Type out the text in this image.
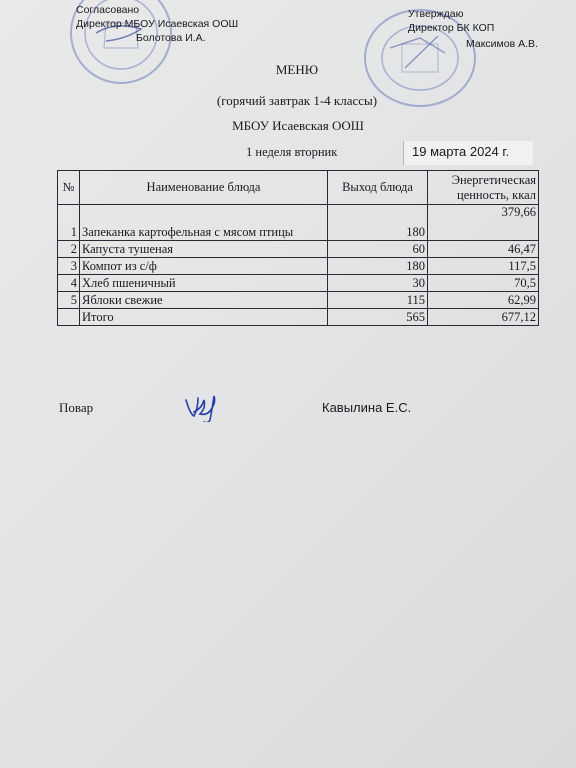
Согласовано
Директор МБОУ Исаевская ООШ
Болотова И.А.
Утверждаю
Директор БК КОП
Максимов А.В.
МЕНЮ
(горячий завтрак 1-4 классы)
МБОУ Исаевская ООШ
1 неделя вторник	19 марта 2024 г.
№	Наименование блюда	Выход блюда	Энергетическая ценность, ккал
1	Запеканка картофельная с мясом птицы	180	379,66
2	Капуста тушеная	60	46,47
3	Компот из с/ф	180	117,5
4	Хлеб пшеничный	30	70,5
5	Яблоки свежие	115	62,99
	Итого	565	677,12
Повар	Кавылина Е.С.
